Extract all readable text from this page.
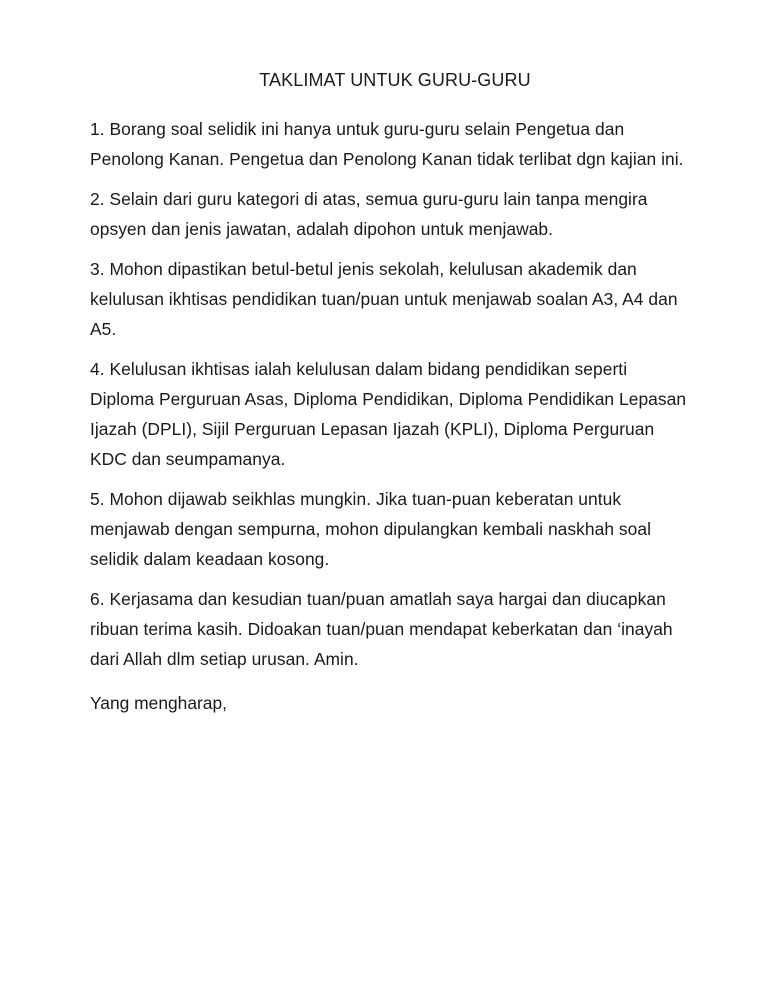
TAKLIMAT UNTUK GURU-GURU

1. Borang soal selidik ini hanya untuk guru-guru selain Pengetua dan Penolong Kanan. Pengetua dan Penolong Kanan tidak terlibat dgn kajian ini.

2. Selain dari guru kategori di atas, semua guru-guru lain tanpa mengira opsyen dan jenis jawatan, adalah dipohon untuk menjawab.

3. Mohon dipastikan betul-betul jenis sekolah, kelulusan akademik dan kelulusan ikhtisas pendidikan tuan/puan untuk menjawab soalan A3, A4 dan A5.

4. Kelulusan ikhtisas ialah kelulusan dalam bidang pendidikan seperti Diploma Perguruan Asas, Diploma Pendidikan, Diploma Pendidikan Lepasan Ijazah (DPLI), Sijil Perguruan Lepasan Ijazah (KPLI), Diploma Perguruan KDC dan seumpamanya.

5. Mohon dijawab seikhlas mungkin. Jika tuan-puan keberatan untuk menjawab dengan sempurna, mohon dipulangkan kembali naskhah soal selidik dalam keadaan kosong.

6. Kerjasama dan kesudian tuan/puan amatlah saya hargai dan diucapkan ribuan terima kasih. Didoakan tuan/puan mendapat keberkatan dan ‘inayah dari Allah dlm setiap urusan. Amin.

Yang mengharap,
